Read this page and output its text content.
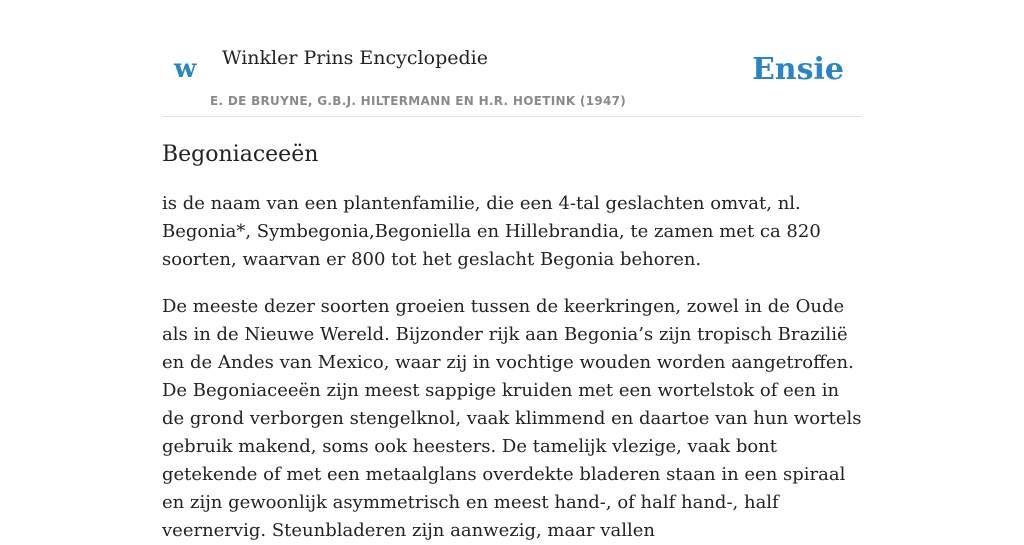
w Winkler Prins Encyclopedie
E. DE BRUYNE, G.B.J. HILTERMANN EN H.R. HOETINK (1947)
Ensie
Begoniaceeën

is de naam van een plantenfamilie, die een 4-tal geslachten omvat, nl. Begonia*, Symbegonia,Begoniella en Hillebrandia, te zamen met ca 820 soorten, waarvan er 800 tot het geslacht Begonia behoren.

De meeste dezer soorten groeien tussen de keerkringen, zowel in de Oude als in de Nieuwe Wereld. Bijzonder rijk aan Begonia’s zijn tropisch Brazilië en de Andes van Mexico, waar zij in vochtige wouden worden aangetroffen. De Begoniaceeën zijn meest sappige kruiden met een wortelstok of een in de grond verborgen stengelknol, vaak klimmend en daartoe van hun wortels gebruik makend, soms ook heesters. De tamelijk vlezige, vaak bont getekende of met een metaalglans overdekte bladeren staan in een spiraal en zijn gewoonlijk asymmetrisch en meest hand-, of half hand-, half veernervig. Steunbladeren zijn aanwezig, maar vallen
